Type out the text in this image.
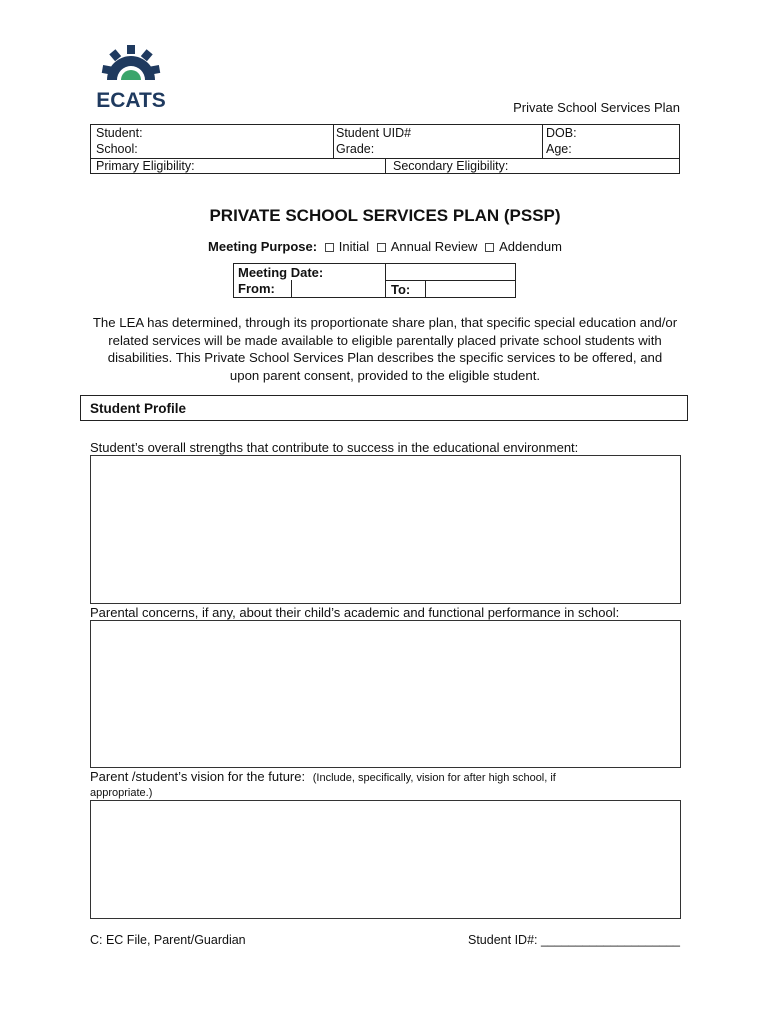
ECATS	Private School Services Plan
Student:	Student UID#	DOB:
School:	Grade:	Age:
Primary Eligibility:	Secondary Eligibility:
PRIVATE SCHOOL SERVICES PLAN (PSSP)
Meeting Purpose: Initial Annual Review Addendum
Meeting Date:
From:	To:
The LEA has determined, through its proportionate share plan, that specific special education and/or related services will be made available to eligible parentally placed private school students with disabilities. This Private School Services Plan describes the specific services to be offered, and upon parent consent, provided to the eligible student.
Student Profile
Student’s overall strengths that contribute to success in the educational environment:
Parental concerns, if any, about their child’s academic and functional performance in school:
Parent /student’s vision for the future: (Include, specifically, vision for after high school, if
appropriate.)
C: EC File, Parent/Guardian	Student ID#: ____________________
